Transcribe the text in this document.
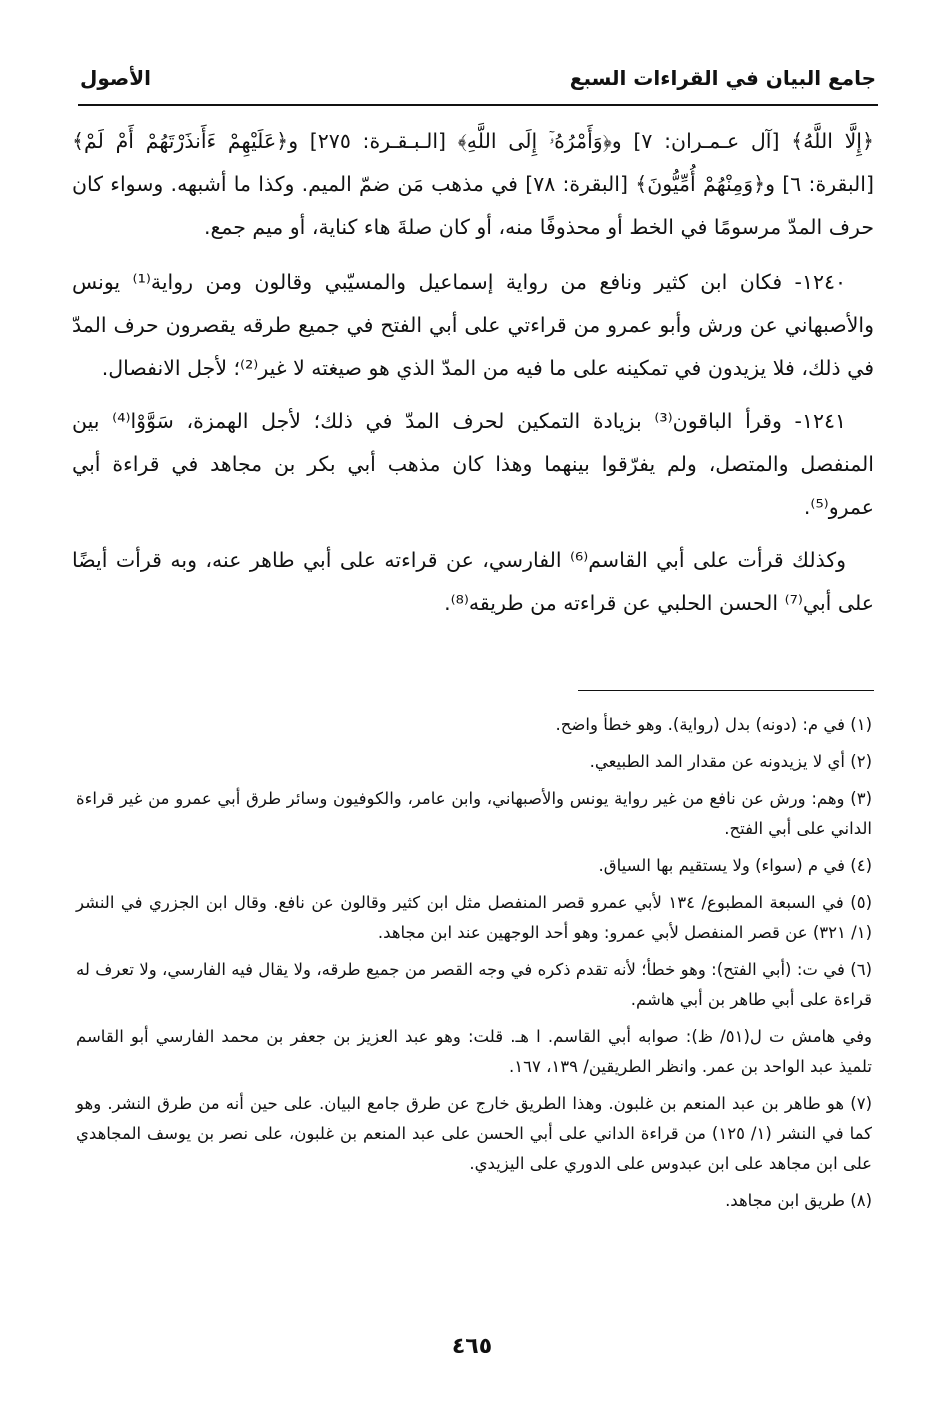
جامع البيان في القراءات السبع
الأصول

﴿إِلَّا اللَّهُ﴾ [آل عـمـران: ٧] و﴿وَأَمْرُهُۥٓ إِلَى اللَّهِ﴾ [الـبـقـرة: ٢٧٥] و﴿عَلَيْهِمْ ءَأَنذَرْتَهُمْ أَمْ لَمْ﴾ [البقرة: ٦] و﴿وَمِنْهُمْ أُمِّيُّونَ﴾ [البقرة: ٧٨] في مذهب مَن ضمّ الميم. وكذا ما أشبهه. وسواء كان حرف المدّ مرسومًا في الخط أو محذوفًا منه، أو كان صلةَ هاء كناية، أو ميم جمع.

١٢٤٠- فكان ابن كثير ونافع من رواية إسماعيل والمسيّبي وقالون ومن رواية⁽¹⁾ يونس والأصبهاني عن ورش وأبو عمرو من قراءتي على أبي الفتح في جميع طرقه يقصرون حرف المدّ في ذلك، فلا يزيدون في تمكينه على ما فيه من المدّ الذي هو صيغته لا غير⁽²⁾؛ لأجل الانفصال.

١٢٤١- وقرأ الباقون⁽³⁾ بزيادة التمكين لحرف المدّ في ذلك؛ لأجل الهمزة، سَوَّوْا⁽⁴⁾ بين المنفصل والمتصل، ولم يفرّقوا بينهما وهذا كان مذهب أبي بكر بن مجاهد في قراءة أبي عمرو⁽⁵⁾.

وكذلك قرأت على أبي القاسم⁽⁶⁾ الفارسي، عن قراءته على أبي طاهر عنه، وبه قرأت أيضًا على أبي⁽⁷⁾ الحسن الحلبي عن قراءته من طريقه⁽⁸⁾.

(١) في م: (دونه) بدل (رواية). وهو خطأ واضح.

(٢) أي لا يزيدونه عن مقدار المد الطبيعي.

(٣) وهم: ورش عن نافع من غير رواية يونس والأصبهاني، وابن عامر، والكوفيون وسائر طرق أبي عمرو من غير قراءة الداني على أبي الفتح.

(٤) في م (سواء) ولا يستقيم بها السياق.

(٥) في السبعة المطبوع/ ١٣٤ لأبي عمرو قصر المنفصل مثل ابن كثير وقالون عن نافع. وقال ابن الجزري في النشر (١/ ٣٢١) عن قصر المنفصل لأبي عمرو: وهو أحد الوجهين عند ابن مجاهد.

(٦) في ت: (أبي الفتح): وهو خطأ؛ لأنه تقدم ذكره في وجه القصر من جميع طرقه، ولا يقال فيه الفارسي، ولا تعرف له قراءة على أبي طاهر بن أبي هاشم.

وفي هامش ت ل(٥١/ ظ): صوابه أبي القاسم. ا هـ. قلت: وهو عبد العزيز بن جعفر بن محمد الفارسي أبو القاسم تلميذ عبد الواحد بن عمر. وانظر الطريقين/ ١٣٩، ١٦٧.

(٧) هو طاهر بن عبد المنعم بن غلبون. وهذا الطريق خارج عن طرق جامع البيان. على حين أنه من طرق النشر. وهو كما في النشر (١/ ١٢٥) من قراءة الداني على أبي الحسن على عبد المنعم بن غلبون، على نصر بن يوسف المجاهدي على ابن مجاهد على ابن عبدوس على الدوري على اليزيدي.

(٨) طريق ابن مجاهد.

٤٦٥
